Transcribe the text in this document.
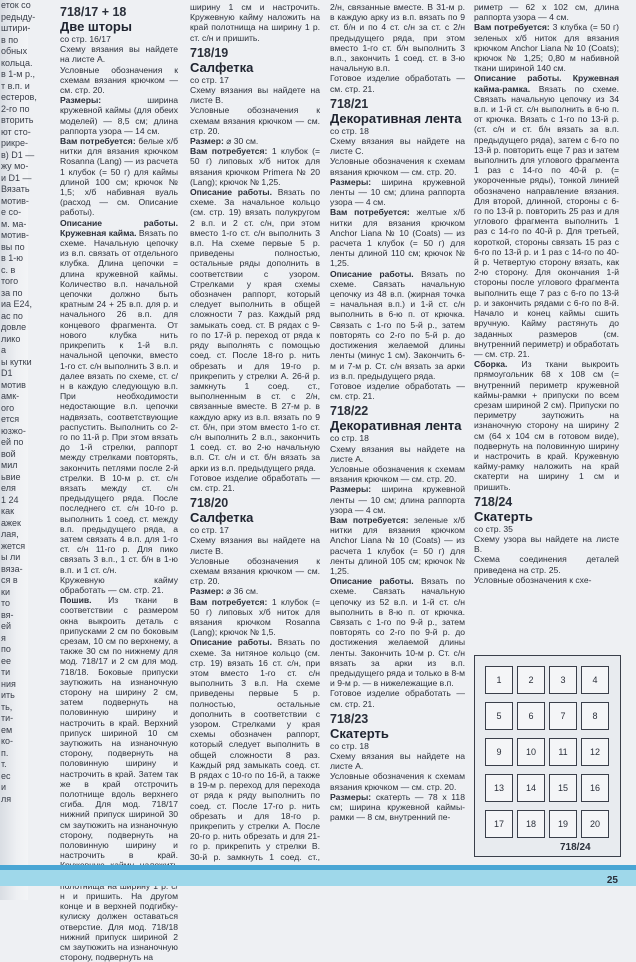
еток со
редыду-
штири-
в по
обных
кольца.
в 1-м р.,
т в.п. и
естеров,
2-го по
вторить
ют сто-
рикре-
в) D1 —
жу мо-
и D1 —
Вязать
мотив-
е со-
м. ма-
мотив-
вы по
в 1-ю
с. в
того
за по
иа Е24,
ас по
довле
лико
а
ы кутки
D1
мотив
амк-
ого
ется
юзжо-
ей по
вой
мил
ьвие
еля
1 24
как
ажек
лая,
жется
ы ли
вяза-
ся в
ки
то
вя-
ей
я
по
ее
ти
ния
ить
ть,
ти-
ем
ко-
п.
т.
ес
и
ля
718/17 + 18
Две шторы
со стр. 16/17

Схему вязания вы найдете на листе А.

Условные обозначения к схемам вязания крючком — см. стр. 20.

Размеры:	ширина кружевной каймы (для обеих моделей) — 8,5 см; длина раппорта узора — 14 см.

Вам потребуется: белые х/б нитки для вязания крючком Rosanna (Lang) — из расчета 1 клубок (= 50 г) для каймы длиной 100 см; крючок № 1,5; х/б набивная вуаль (расход — см. Описание работы).

Описание работы. Кружевная кайма. Вязать по схеме. Начальную цепочку из в.п. связать от отдельного клубка. Длина цепочки = длина кружевной каймы. Количество в.п. начальной цепочки должно быть кратным 24 + 25 в.п. для р. и начального 26 в.п. для концевого фрагмента. От нового клубка нить прикрепить к 1-й в.п. начальной цепочки, вместо 1-го ст. с/н выполнить 3 в.п. и далее вязать по схеме, ст. с/н в каждую следующую в.п. При необходимости недостающие в.п. цепочки надвязать, соответствующие распустить. Выполнить со 2-го по 11-й р. При этом вязать до 1-й стрелки, раппорт между стрелками повторять, закончить петлями после 2-й стрелки. В 10-м р. ст. с/н вязать между ст. с/н предыдущего ряда. После последнего ст. с/н 10-го р. выполнить 1 соед. ст. между в.п. предыдущего ряда, а затем связать 4 в.п. для 1-го ст. с/н 11-го р. Для пико связать 3 в.п., 1 ст. б/н в 1-ю в.п. и 1 ст. с/н.

Кружевную кайму обработать — см. стр. 21.

Пошив. Из ткани в соответствии с размером окна выкроить деталь с припусками 2 см по боковым срезам, 10 см по верхнему, а также 30 см по нижнему для мод. 718/17 и 2 см для мод. 718/18. Боковые припуски заутюжить на изнаночную сторону на ширину 2 см, затем подвернуть на половинную ширину и настрочить в край. Верхний припуск шириной 10 см заутюжить на изнаночную сторону, подвернуть на половинную ширину и настрочить в край. Затем так же в край отстрочить полотнище вдоль верхнего сгиба. Для мод. 718/17 нижний припуск шириной 30 см заутюжить на изнаночную сторону, подвернуть на половинную ширину и настрочить в край. н и пришить. На другом конце и в верхней подгибку-кулиску должен оставаться отверстие. Для мод. 718/18 нижний припуск шириной 2 см заутюжить на изнаночную сторону, подвернуть на

ширину 1 см и настрочить. Кружевную кайму наложить на край полотнища на ширину 1 р. ст. с/н и пришить.

718/19
Салфетка
со стр. 17

Схему вязания вы найдете на листе В.

Условные обозначения к схемам вязания крючком — см. стр. 20.

Размер: ⌀ 30 см.

Вам потребуется: 1 клубок (= 50 г) липовых х/б ниток для вязания крючком Primera № 20 (Lang); крючок № 1,25.

Описание работы. Вязать по схеме. За начальное кольцо (см. стр. 19) вязать полукругом 2 в.п. и 2 ст. с/н, при этом вместо 1-го ст. с/н выполнить 3 в.п. На схеме первые 5 р. приведены полностью, остальные ряды дополнить в соответствии с узором. Стрелками у края схемы обозначен раппорт, который следует выполнить в общей сложности 7 раз. Каждый ряд замыкать соед. ст. В рядах с 9-го по 17-й р. переход от ряда к ряду выполнять с помощью соед. ст. После 18-го р. нить обрезать и для 19-го р. прикрепить у стрелки А. 26-й р. замкнуть 1 соед. ст., выполненным в ст. с 2/н, связанные вместе. В 27-м р. в каждую арку из в.п. вязать по 9 ст. б/н, при этом вместо 1-го ст. с/н выполнить 2 в.п., закончить 1 соед. ст. во 2-ю начальную в.п. Ст. с/н и ст. б/н вязать за арки из в.п. предыдущего ряда.

Готовое изделие обработать — см. стр. 21.

718/20
Салфетка
со стр. 17

Схему вязания вы найдете на листе В.

Условные обозначения к схемам вязания крючком — см. стр. 20.

Размер: ⌀ 36 см.

Вам потребуется: 1 клубок (= 50 г) липовых х/б ниток для вязания крючком Rosanna (Lang); крючок № 1,5.

Описание работы. Вязать по схеме. За нитяное кольцо (см. стр. 19) вязать 16 ст. с/н, при этом вместо 1-го ст. с/н выполнить 3 в.п. На схеме приведены первые 5 р. полностью, остальные дополнить в соответствии с узором. Стрелками у края схемы обозначен раппорт, который следует выполнить в общей сложности 8 раз. Каждый ряд замыкать соед. ст. В рядах с 10-го по 16-й, а также в 19-м р. переход для перехода от ряда к ряду выполнить по соед. ст. После 17-го р. нить обрезать и для 18-го р. прикрепить у стрелки А. После 20-го р. нить обрезать и для 21-го р. прикрепить у стрелки В. 30-й р. замкнуть 1 соед. ст.,

2/н, связанные вместе. В 31-м р. в каждую арку из в.п. вязать по 9 ст. б/н и по 4 ст. с/н за ст. с 2/н предыдущего ряда, при этом вместо 1-го ст. б/н выполнить 3 в.п., закончить 1 соед. ст. в 3-ю начальную в.п.

Готовое изделие обработать — см. стр. 21.

718/21
Декоративная лента
со стр. 18

Схему вязания вы найдете на листе С.

Условные обозначения к схемам вязания крючком — см. стр. 20.

Размеры: ширина кружевной ленты — 10 см; длина раппорта узора — 4 см.

Вам потребуется: желтые х/б нитки для вязания крючком Anchor Liana № 10 (Coats) — из расчета 1 клубок (= 50 г) для ленты длиной 110 см; крючок № 1,25.

Описание работы. Вязать по схеме. Связать начальную цепочку из 48 в.п. (жирная точка = начальная в.п.) и 1-й ст. с/н выполнить в 6-ю п. от крючка. Связать с 1-го по 5-й р., затем повторять со 2-го по 5-й р. до достижения желаемой длины ленты (минус 1 см). Закончить 6-м и 7-м р. Ст. с/н вязать за арки из в.п. предыдущего ряда.

Готовое изделие обработать — см. стр. 21.

718/22
Декоративная лента
со стр. 18

Схему вязания вы найдете на листе А.

Условные обозначения к схемам вязания крючком — см. стр. 20.

Размеры: ширина кружевной ленты — 10 см; длина раппорта узора — 4 см.

Вам потребуется: зеленые х/б нитки для вязания крючком Anchor Liana № 10 (Coats) — из расчета 1 клубок (= 50 г) для ленты длиной 105 см; крючок № 1,25.

Описание работы. Вязать по схеме. Связать начальную цепочку из 52 в.п. и 1-й ст. с/н выполнить в 8-ю п. от крючка. Связать с 1-го по 9-й р., затем повторять со 2-го по 9-й р. до достижения желаемой длины ленты. Закончить 10-м р. Ст. с/н вязать за арки из в.п. предыдущего ряда и только в 8-м и 9-м р. — в нижележащие в.п.

Готовое изделие обработать — см. стр. 21.

718/23
Скатерть
со стр. 18

Схему вязания вы найдете на листе А.

Условные обозначения к схемам вязания крючком — см. стр. 20.

Размеры: скатерть — 78 х 118 см; ширина кружевной каймы-рамки — 8 см, внутренний пе-

риметр — 62 х 102 см, длина раппорта узора — 4 см.

Вам потребуется: 3 клубка (= 50 г) зеленых х/б ниток для вязания крючком Anchor Liana № 10 (Coats); крючок № 1,25; 0,80 м набивной ткани шириной 140 см.

Описание работы. Кружевная кайма-рамка. Вязать по схеме. Связать начальную цепочку из 34 в.п. и 1-й ст. с/н выполнить в 6-ю п. от крючка. Вязать с 1-го по 13-й р. (ст. с/н и ст. б/н вязать за в.п. предыдущего ряда), затем с 6-го по 13-й р. повторить еще 7 раз и затем выполнить для углового фрагмента 1 раз с 14-го по 40-й р. (= укороченные ряды), тонкой линией обозначено направление вязания. Для второй, длинной, стороны с 6-го по 13-й р. повторить 25 раз и для углового фрагмента выполнить 1 раз с 14-го по 40-й р. Для третьей, короткой, стороны связать 15 раз с 6-го по 13-й р. и 1 раз с 14-го по 40-й р. Четвертую сторону вязать, как 2-ю сторону. Для окончания 1-й стороны после углового фрагмента выполнить еще 7 раз с 6-го по 13-й р. и закончить рядами с 6-го по 8-й. Начало и конец каймы сшить вручную. Кайму растянуть до заданных размеров (см. внутренний периметр) и обработать — см. стр. 21.

Сборка. Из ткани выкроить прямоугольник 68 х 108 см (= внутренний периметр кружевной каймы-рамки + припуски по всем срезам шириной 2 см). Припуски по периметру заутюжить на изнаночную сторону на ширину 2 см (64 х 104 см в готовом виде), подвернуть на половинную ширину и настрочить в край. Кружевную кайму-рамку наложить на край скатерти на ширину 1 см и пришить.

718/24
Скатерть
со стр. 35

Схему узора вы найдете на листе В.

Схема соединения деталей приведена на стр. 25.

Условные обозначения к схе-

1	2	3	4
5	6	7	8
9	10	11	12
13	14	15	16
17	18	19	20
718/24
25
